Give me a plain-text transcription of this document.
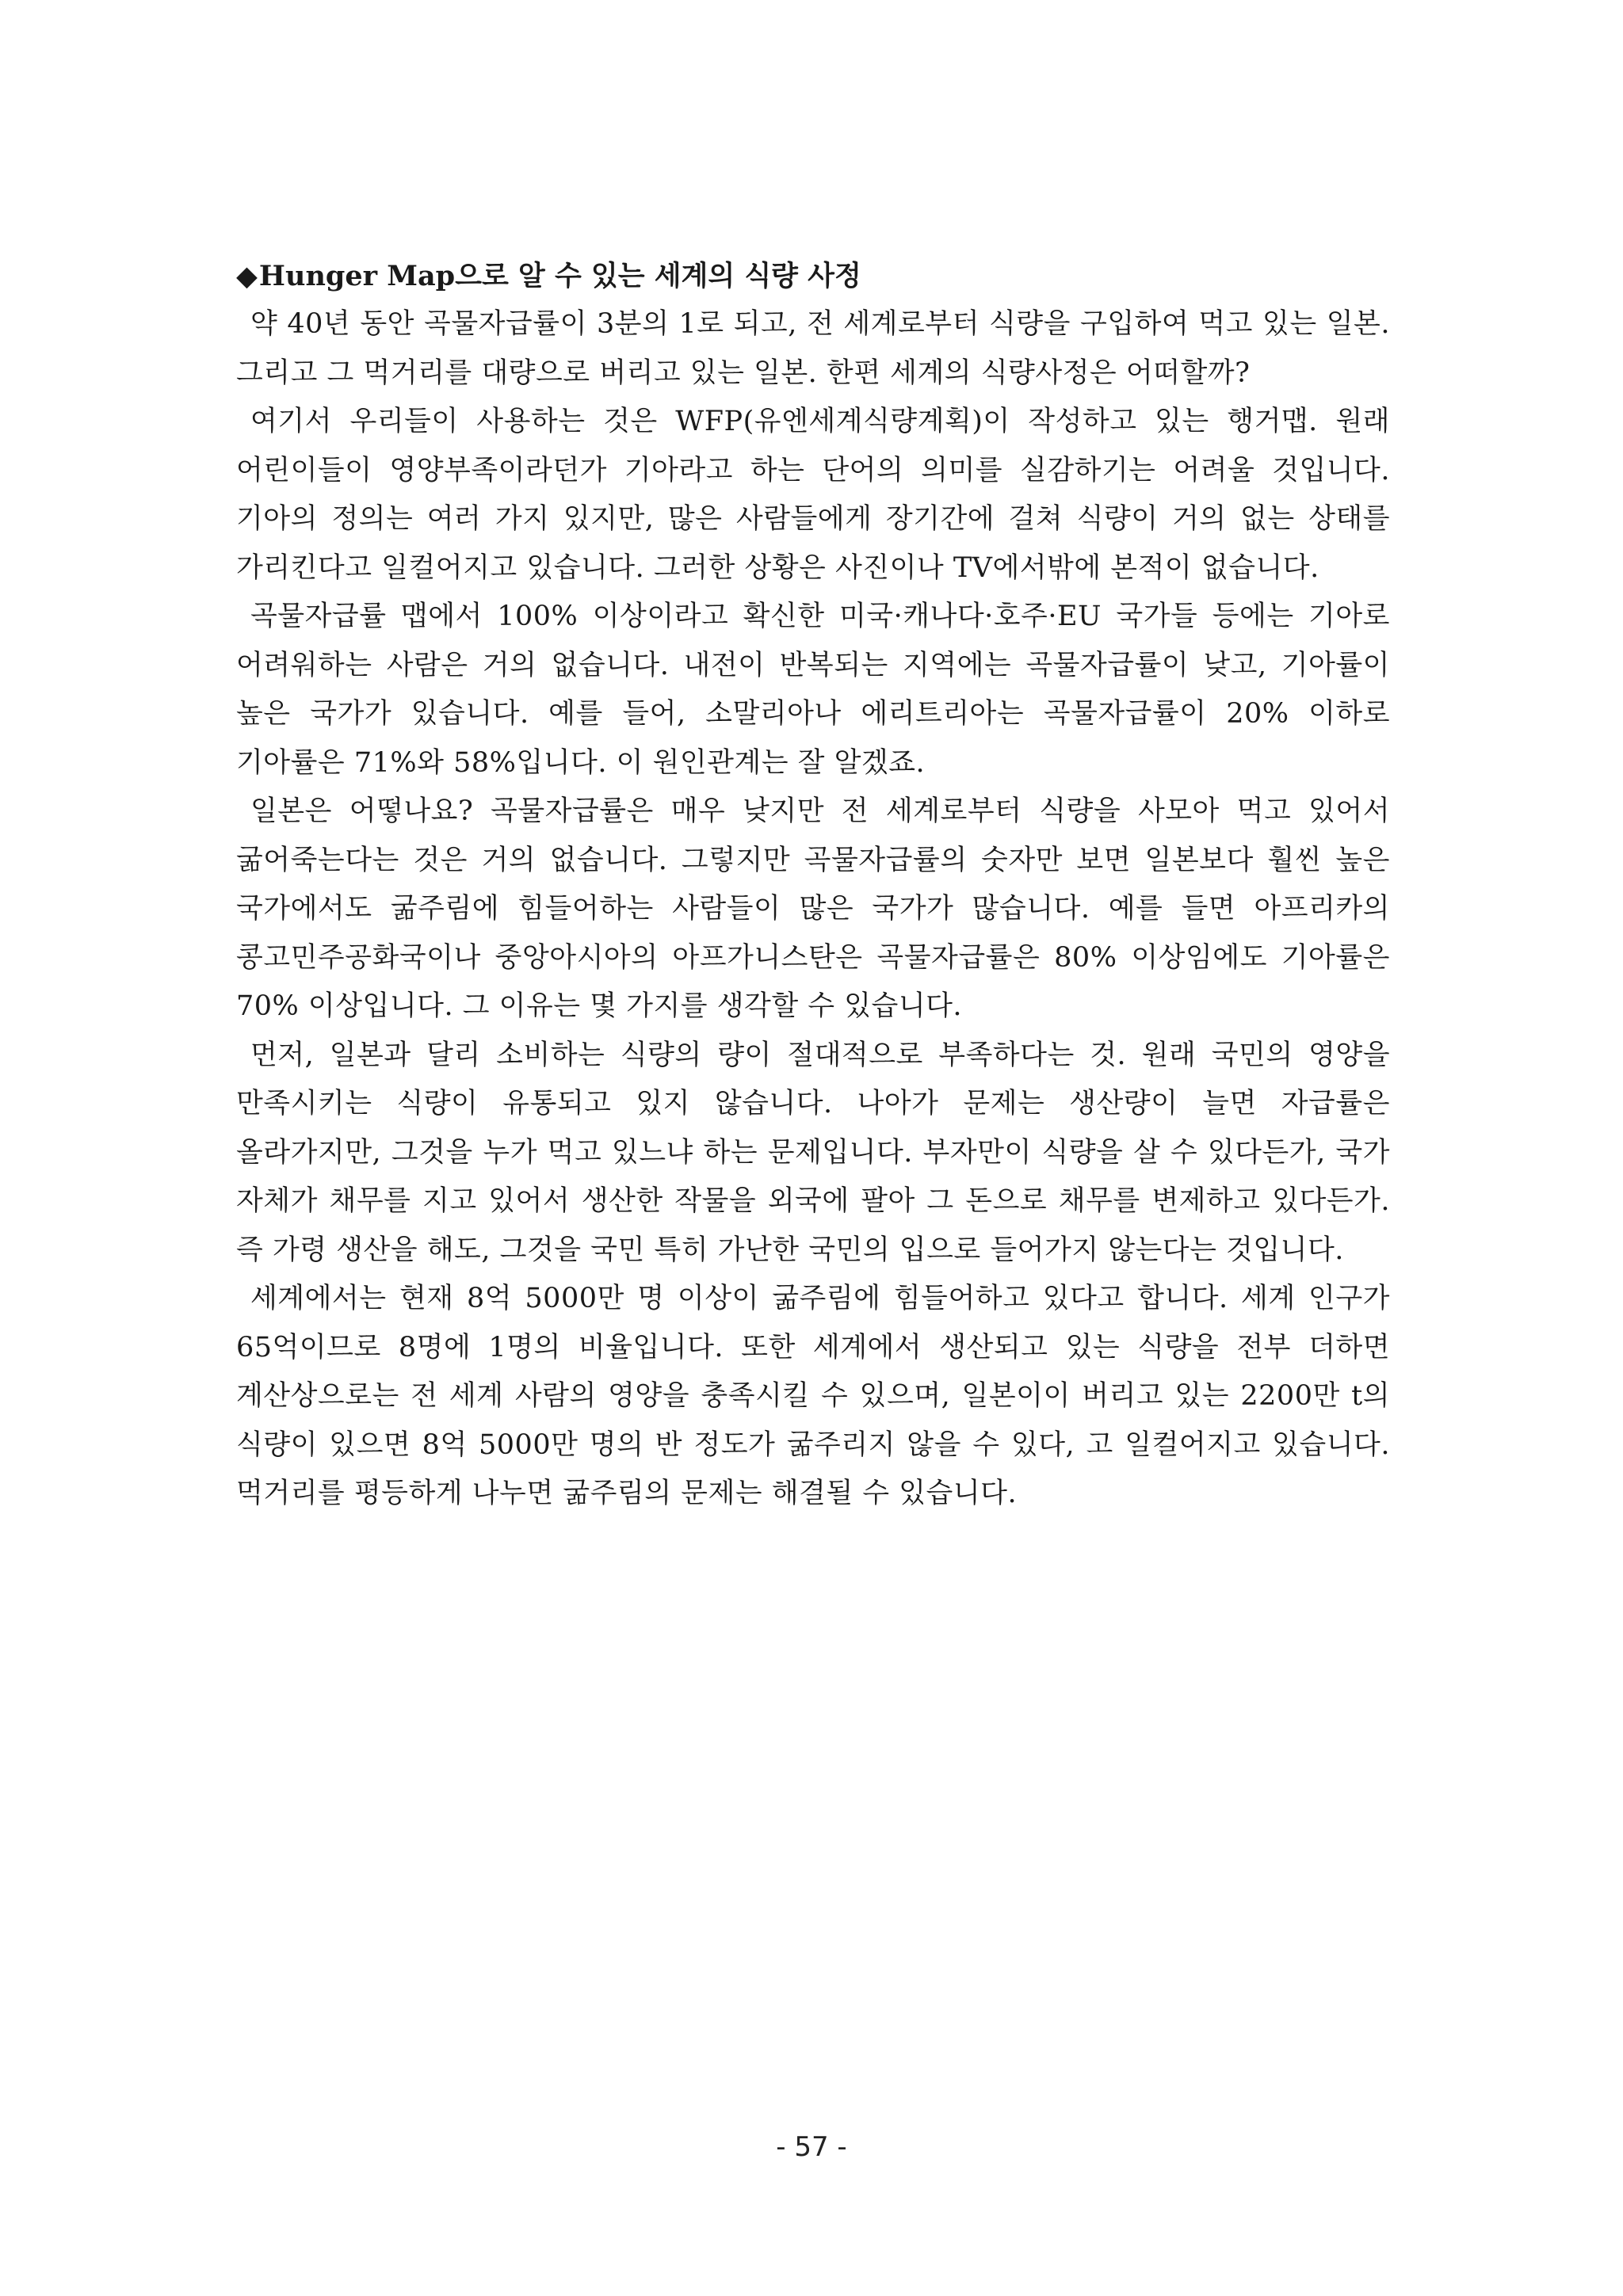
◆Hunger Map으로 알 수 있는 세계의 식량 사정

약 40년 동안 곡물자급률이 3분의 1로 되고, 전 세계로부터 식량을 구입하여 먹고 있는 일본. 그리고 그 먹거리를 대량으로 버리고 있는 일본. 한편 세계의 식량사정은 어떠할까?

여기서 우리들이 사용하는 것은 WFP(유엔세계식량계획)이 작성하고 있는 행거맵. 원래 어린이들이 영양부족이라던가 기아라고 하는 단어의 의미를 실감하기는 어려울 것입니다. 기아의 정의는 여러 가지 있지만, 많은 사람들에게 장기간에 걸쳐 식량이 거의 없는 상태를 가리킨다고 일컬어지고 있습니다. 그러한 상황은 사진이나 TV에서밖에 본적이 없습니다.

곡물자급률 맵에서 100% 이상이라고 확신한 미국·캐나다·호주·EU 국가들 등에는 기아로 어려워하는 사람은 거의 없습니다. 내전이 반복되는 지역에는 곡물자급률이 낮고, 기아률이 높은 국가가 있습니다. 예를 들어, 소말리아나 에리트리아는 곡물자급률이 20% 이하로 기아률은 71%와 58%입니다. 이 원인관계는 잘 알겠죠.

일본은 어떻나요? 곡물자급률은 매우 낮지만 전 세계로부터 식량을 사모아 먹고 있어서 굶어죽는다는 것은 거의 없습니다. 그렇지만 곡물자급률의 숫자만 보면 일본보다 훨씬 높은 국가에서도 굶주림에 힘들어하는 사람들이 많은 국가가 많습니다. 예를 들면 아프리카의 콩고민주공화국이나 중앙아시아의 아프가니스탄은 곡물자급률은 80% 이상임에도 기아률은 70% 이상입니다. 그 이유는 몇 가지를 생각할 수 있습니다.

먼저, 일본과 달리 소비하는 식량의 량이 절대적으로 부족하다는 것. 원래 국민의 영양을 만족시키는 식량이 유통되고 있지 않습니다. 나아가 문제는 생산량이 늘면 자급률은 올라가지만, 그것을 누가 먹고 있느냐 하는 문제입니다. 부자만이 식량을 살 수 있다든가, 국가 자체가 채무를 지고 있어서 생산한 작물을 외국에 팔아 그 돈으로 채무를 변제하고 있다든가. 즉 가령 생산을 해도, 그것을 국민 특히 가난한 국민의 입으로 들어가지 않는다는 것입니다.

세계에서는 현재 8억 5000만 명 이상이 굶주림에 힘들어하고 있다고 합니다. 세계 인구가 65억이므로 8명에 1명의 비율입니다. 또한 세계에서 생산되고 있는 식량을 전부 더하면 계산상으로는 전 세계 사람의 영양을 충족시킬 수 있으며, 일본이이 버리고 있는 2200만 t의 식량이 있으면 8억 5000만 명의 반 정도가 굶주리지 않을 수 있다, 고 일컬어지고 있습니다. 먹거리를 평등하게 나누면 굶주림의 문제는 해결될 수 있습니다.

- 57 -
